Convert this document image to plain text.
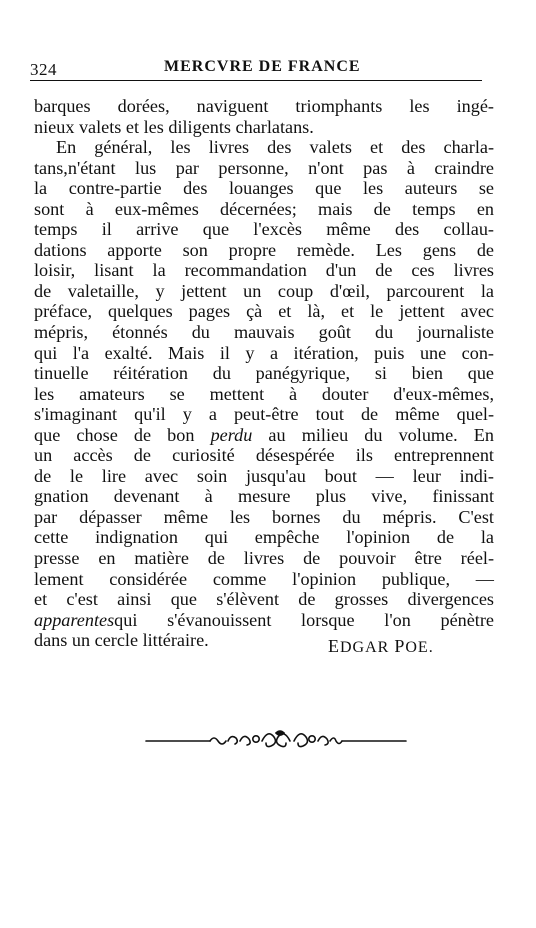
324	MERCVRE DE FRANCE
barques dorées, naviguent triomphants les ingé-
nieux valets et les diligents charlatans.
En général, les livres des valets et des charla-
tans,n'étant lus par personne, n'ont pas à craindre
la contre-partie des louanges que les auteurs se
sont à eux-mêmes décernées; mais de temps en
temps il arrive que l'excès même des collau-
dations apporte son propre remède. Les gens de
loisir, lisant la recommandation d'un de ces livres
de valetaille, y jettent un coup d'œil, parcourent la
préface, quelques pages çà et là, et le jettent avec
mépris, étonnés du mauvais goût du journaliste
qui l'a exalté. Mais il y a itération, puis une con-
tinuelle réitération du panégyrique, si bien que
les amateurs se mettent à douter d'eux-mêmes,
s'imaginant qu'il y a peut-être tout de même quel-
que chose de bon perdu au milieu du volume. En
un accès de curiosité désespérée ils entreprennent
de le lire avec soin jusqu'au bout — leur indi-
gnation devenant à mesure plus vive, finissant
par dépasser même les bornes du mépris. C'est
cette indignation qui empêche l'opinion de la
presse en matière de livres de pouvoir être réel-
lement considérée comme l'opinion publique, —
et c'est ainsi que s'élèvent de grosses divergences
apparentesqui s'évanouissent lorsque l'on pénètre
dans un cercle littéraire.	EDGAR POE.
